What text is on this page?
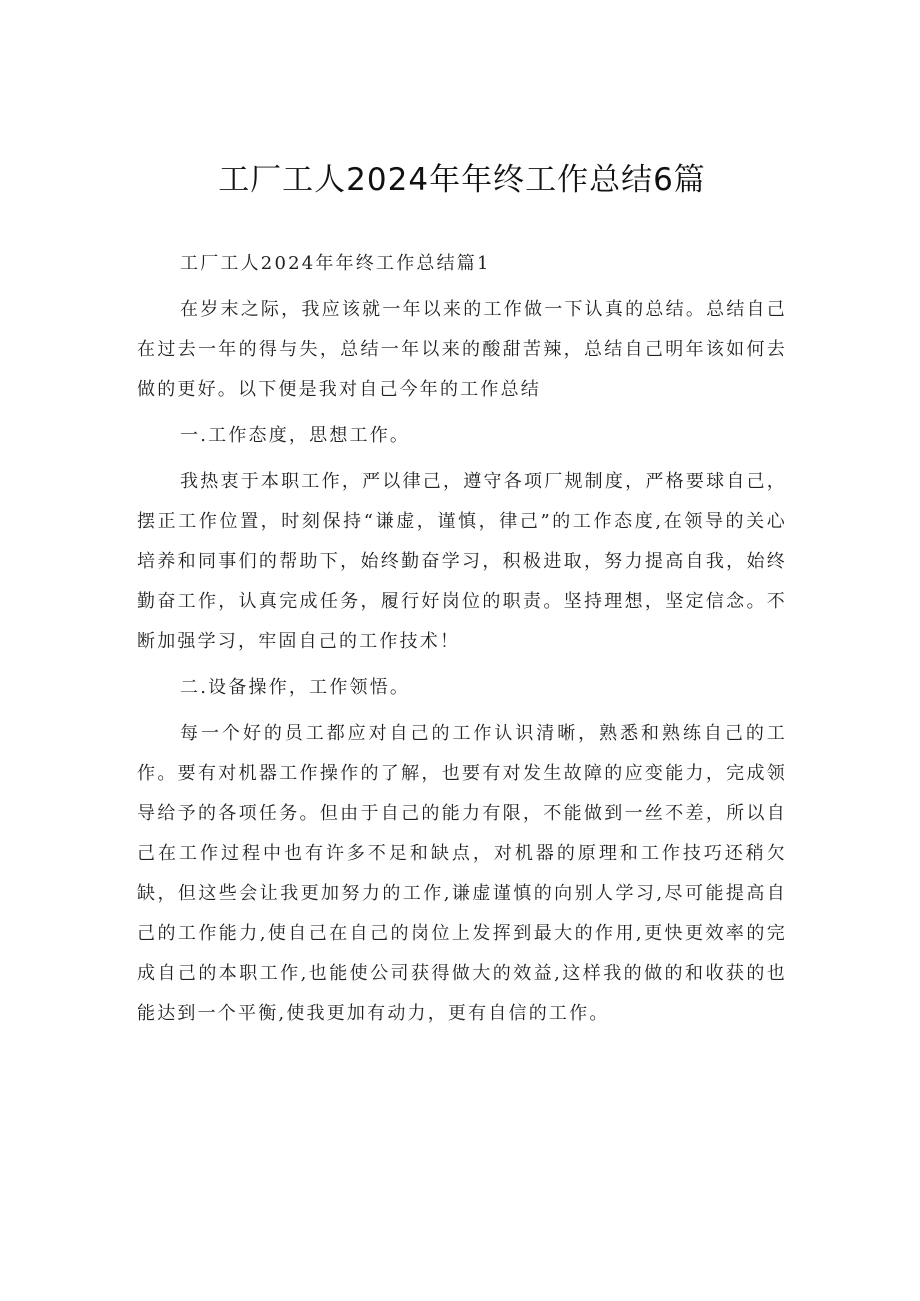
工厂工人2024年年终工作总结6篇

工厂工人2024年年终工作总结篇1

在岁末之际，我应该就一年以来的工作做一下认真的总结。总结自己在过去一年的得与失，总结一年以来的酸甜苦辣，总结自己明年该如何去做的更好。以下便是我对自己今年的工作总结

一.工作态度，思想工作。

我热衷于本职工作，严以律己，遵守各项厂规制度，严格要球自己，摆正工作位置，时刻保持“谦虚，谨慎，律己”的工作态度,在领导的关心培养和同事们的帮助下，始终勤奋学习，积极进取，努力提高自我，始终勤奋工作，认真完成任务，履行好岗位的职责。坚持理想，坚定信念。不断加强学习，牢固自己的工作技术！

二.设备操作，工作领悟。

每一个好的员工都应对自己的工作认识清晰，熟悉和熟练自己的工作。要有对机器工作操作的了解，也要有对发生故障的应变能力，完成领导给予的各项任务。但由于自己的能力有限，不能做到一丝不差，所以自己在工作过程中也有许多不足和缺点，对机器的原理和工作技巧还稍欠缺，但这些会让我更加努力的工作,谦虚谨慎的向别人学习,尽可能提高自己的工作能力,使自己在自己的岗位上发挥到最大的作用,更快更效率的完成自己的本职工作,也能使公司获得做大的效益,这样我的做的和收获的也能达到一个平衡,使我更加有动力，更有自信的工作。
